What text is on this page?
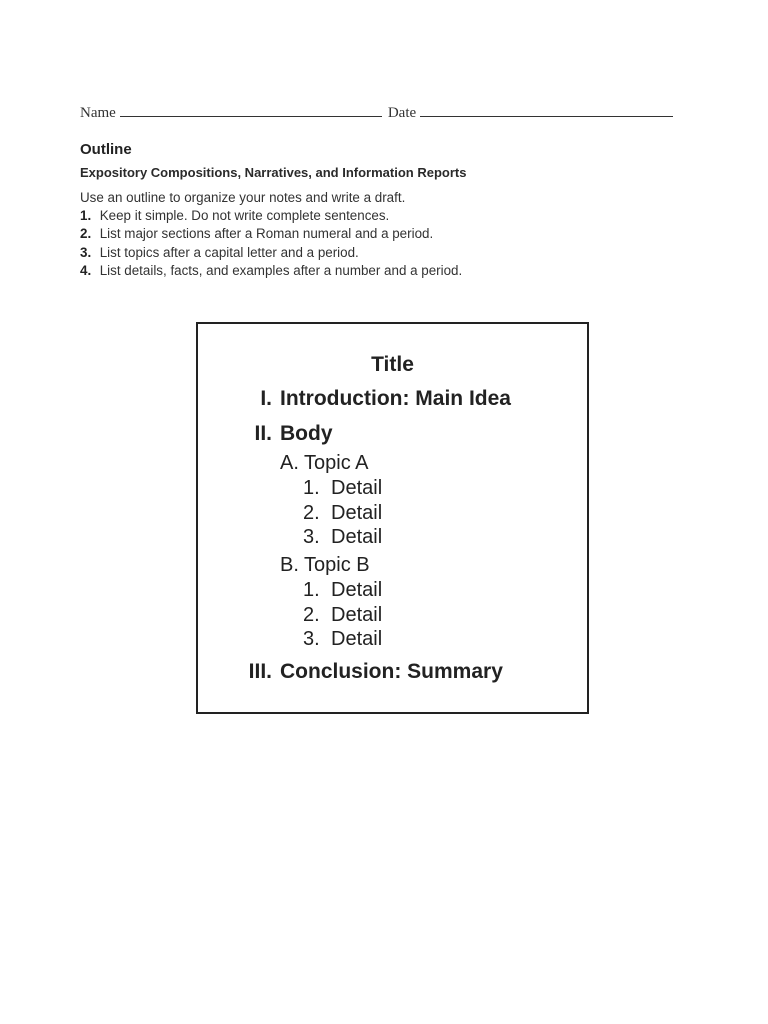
Name	Date
Outline
Expository Compositions, Narratives, and Information Reports

Use an outline to organize your notes and write a draft.

1. Keep it simple. Do not write complete sentences.
2. List major sections after a Roman numeral and a period.
3. List topics after a capital letter and a period.
4. List details, facts, and examples after a number and a period.
Title
I. Introduction: Main Idea
II. Body
A. Topic A
1. Detail
2. Detail
3. Detail
B. Topic B
1. Detail
2. Detail
3. Detail
III. Conclusion: Summary
